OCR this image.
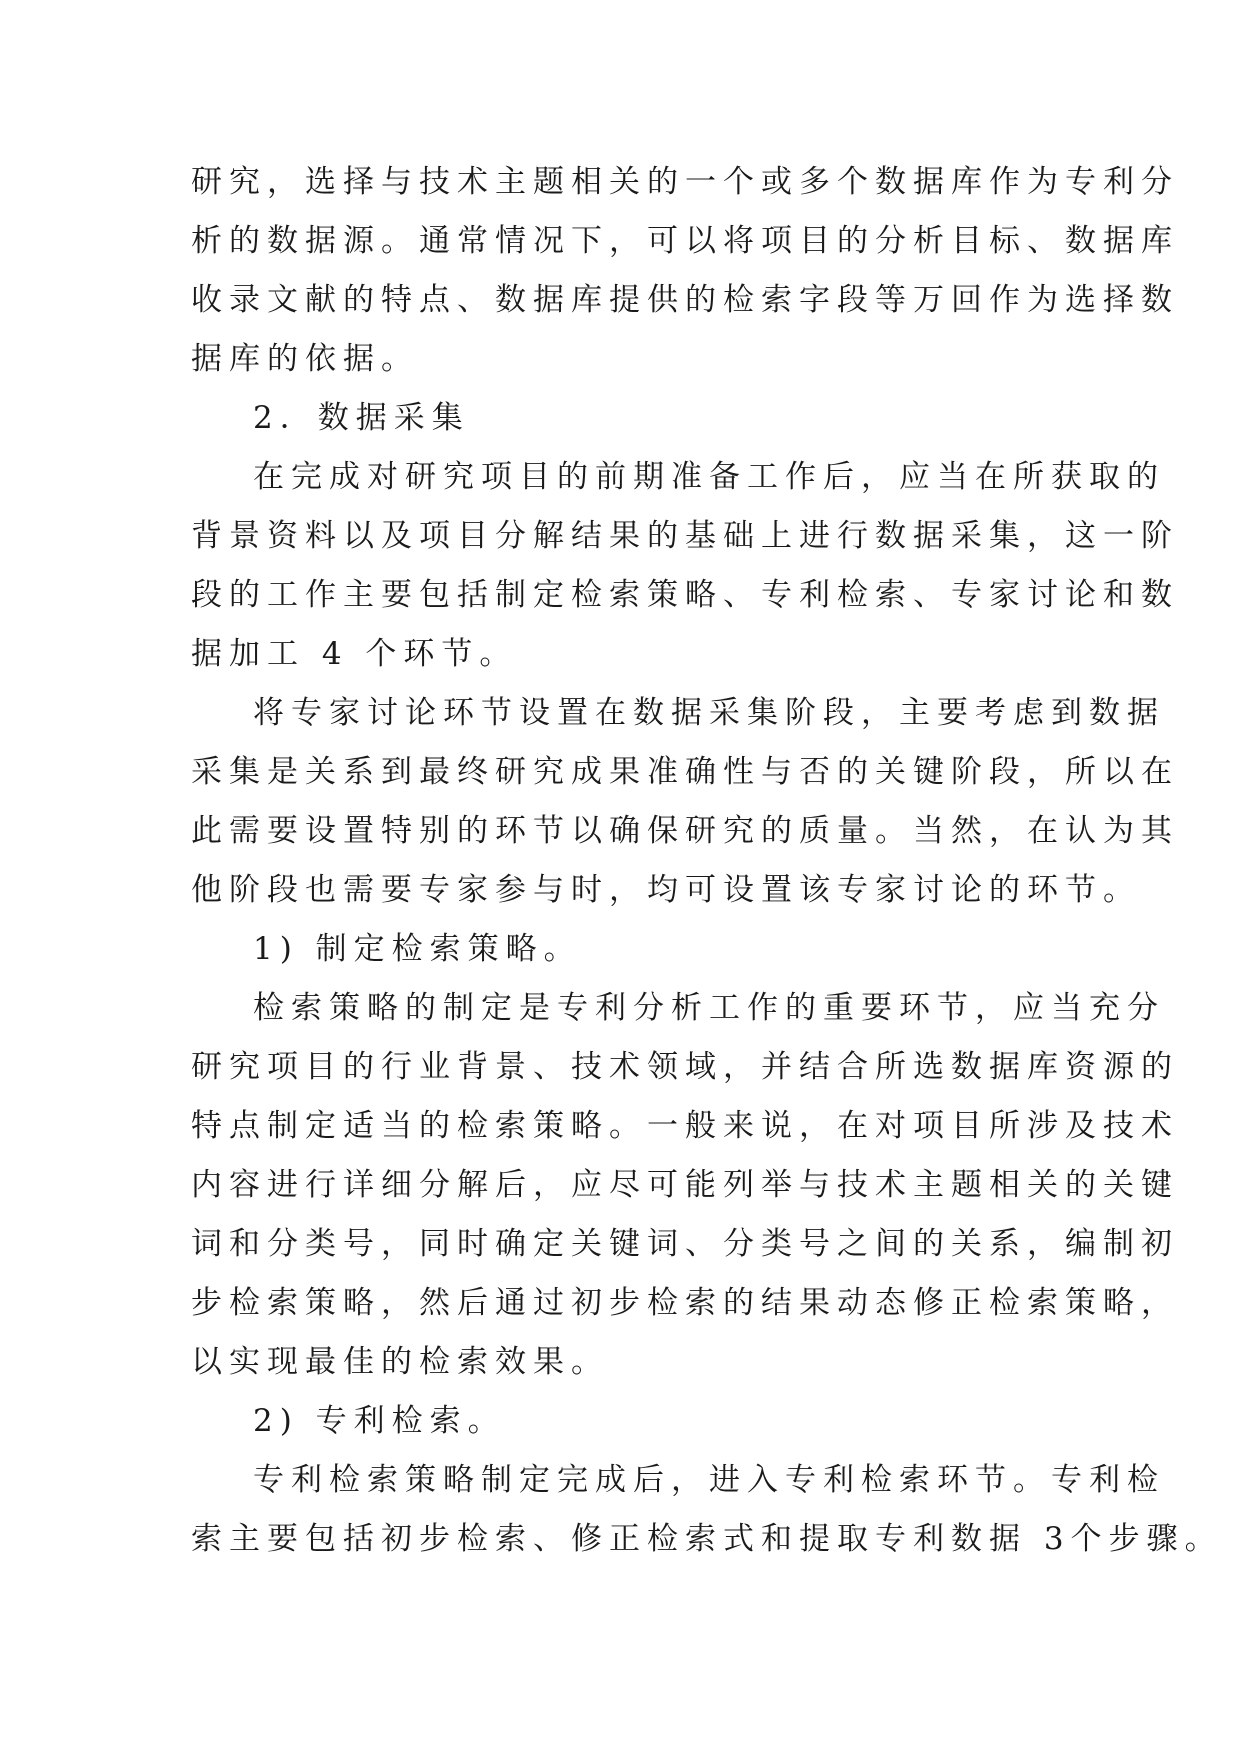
研究，选择与技术主题相关的一个或多个数据库作为专利分
析的数据源。通常情况下，可以将项目的分析目标、数据库
收录文献的特点、数据库提供的检索字段等万回作为选择数
据库的依据。
2．数据采集
在完成对研究项目的前期准备工作后，应当在所获取的
背景资料以及项目分解结果的基础上进行数据采集，这一阶
段的工作主要包括制定检索策略、专利检索、专家讨论和数
据加工 4 个环节。
将专家讨论环节设置在数据采集阶段，主要考虑到数据
采集是关系到最终研究成果准确性与否的关键阶段，所以在
此需要设置特别的环节以确保研究的质量。当然，在认为其
他阶段也需要专家参与时，均可设置该专家讨论的环节。
1) 制定检索策略。
检索策略的制定是专利分析工作的重要环节，应当充分
研究项目的行业背景、技术领域，并结合所选数据库资源的
特点制定适当的检索策略。一般来说，在对项目所涉及技术
内容进行详细分解后，应尽可能列举与技术主题相关的关键
词和分类号，同时确定关键词、分类号之间的关系，编制初
步检索策略，然后通过初步检索的结果动态修正检索策略，
以实现最佳的检索效果。
2) 专利检索。
专利检索策略制定完成后，进入专利检索环节。专利检
索主要包括初步检索、修正检索式和提取专利数据 3个步骤。
